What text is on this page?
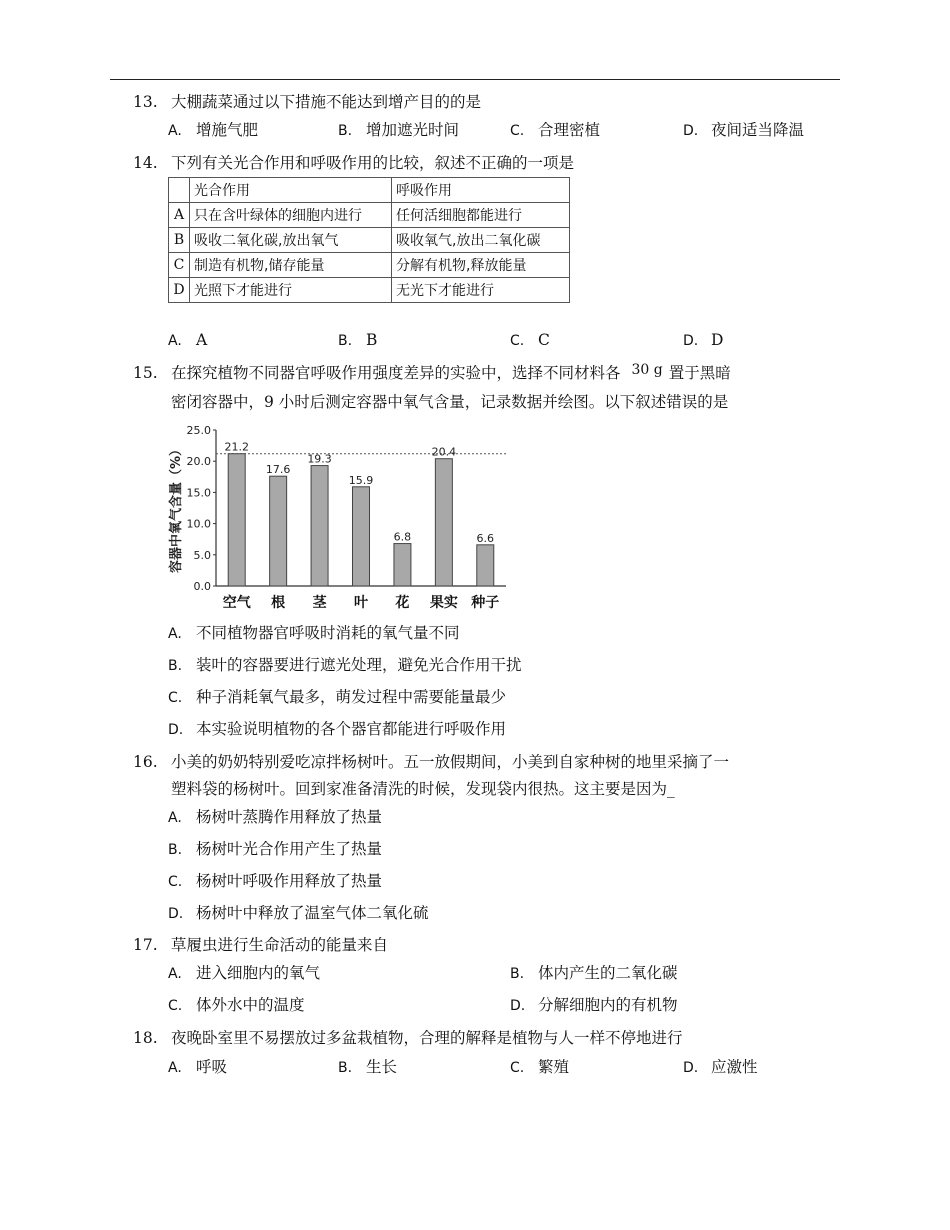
13. 大棚蔬菜通过以下措施不能达到增产目的的是
A. 增施气肥	B. 增加遮光时间	C. 合理密植	D. 夜间适当降温
14. 下列有关光合作用和呼吸作用的比较，叙述不正确的一项是
	光合作用	呼吸作用
A	只在含叶绿体的细胞内进行	任何活细胞都能进行
B	吸收二氧化碳,放出氧气	吸收氧气,放出二氧化碳
C	制造有机物,储存能量	分解有机物,释放能量
D	光照下才能进行	无光下才能进行
A. A	B. B	C. C	D. D
15. 在探究植物不同器官呼吸作用强度差异的实验中，选择不同材料各 30 g 置于黑暗
密闭容器中，9 小时后测定容器中氧气含量，记录数据并绘图。以下叙述错误的是
0.0
5.0
10.0
15.0
20.0
25.0
容器中氧气含量（%）	21.2
空气
17.6
根
19.3
茎
15.9
叶
6.8
花
20.4
果实
6.6
种子
A. 不同植物器官呼吸时消耗的氧气量不同
B. 装叶的容器要进行遮光处理，避免光合作用干扰
C. 种子消耗氧气最多，萌发过程中需要能量最少
D. 本实验说明植物的各个器官都能进行呼吸作用
16. 小美的奶奶特别爱吃凉拌杨树叶。五一放假期间，小美到自家种树的地里采摘了一
塑料袋的杨树叶。回到家准备清洗的时候，发现袋内很热。这主要是因为_
A. 杨树叶蒸腾作用释放了热量
B. 杨树叶光合作用产生了热量
C. 杨树叶呼吸作用释放了热量
D. 杨树叶中释放了温室气体二氧化硫
17. 草履虫进行生命活动的能量来自
A. 进入细胞内的氧气	B. 体内产生的二氧化碳
C. 体外水中的温度	D. 分解细胞内的有机物
18. 夜晚卧室里不易摆放过多盆栽植物，合理的解释是植物与人一样不停地进行
A. 呼吸	B. 生长	C. 繁殖	D. 应激性
